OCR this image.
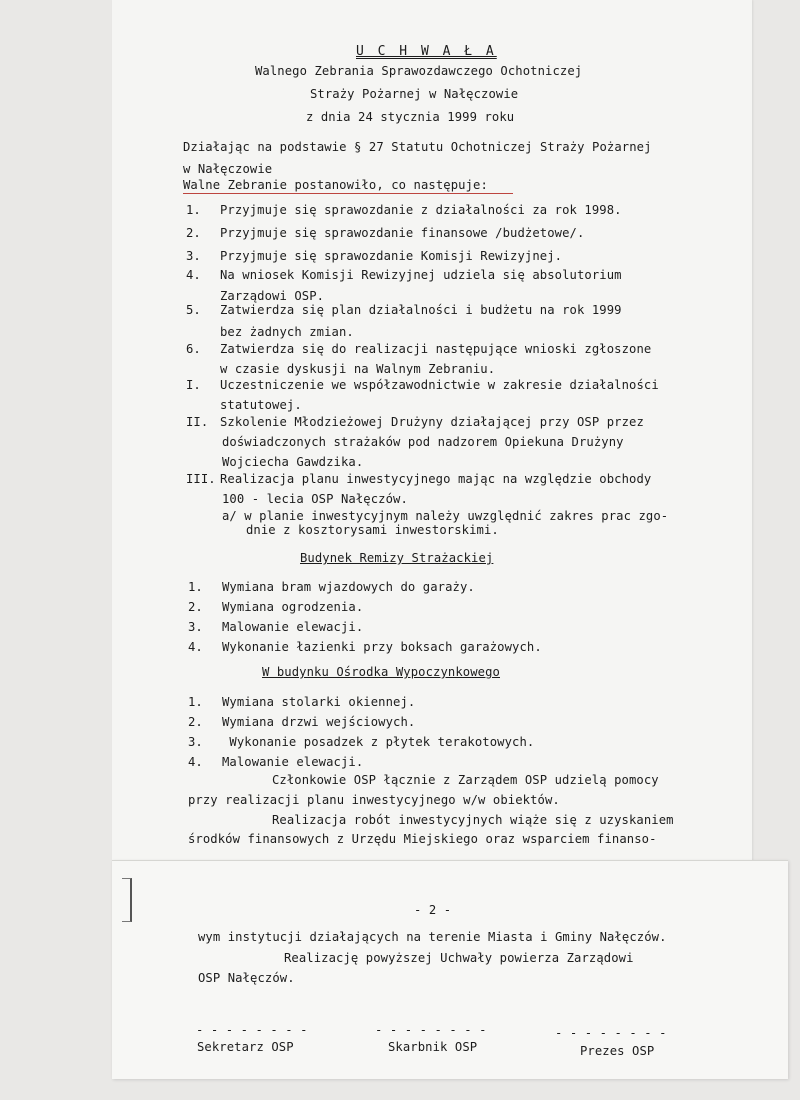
U C H W A Ł A
Walnego Zebrania Sprawozdawczego Ochotniczej
Straży Pożarnej w Nałęczowie
z dnia 24 stycznia 1999 roku
Działając na podstawie § 27 Statutu Ochotniczej Straży Pożarnej
w Nałęczowie
Walne Zebranie postanowiło, co następuje:
1. Przyjmuje się sprawozdanie z działalności za rok 1998.
2. Przyjmuje się sprawozdanie finansowe /budżetowe/.
3. Przyjmuje się sprawozdanie Komisji Rewizyjnej.
4. Na wniosek Komisji Rewizyjnej udziela się absolutorium
Zarządowi OSP.
5. Zatwierdza się plan działalności i budżetu na rok 1999
bez żadnych zmian.
6. Zatwierdza się do realizacji następujące wnioski zgłoszone
w czasie dyskusji na Walnym Zebraniu.
I. Uczestniczenie we współzawodnictwie w zakresie działalności
statutowej.
II. Szkolenie Młodzieżowej Drużyny działającej przy OSP przez
doświadczonych strażaków pod nadzorem Opiekuna Drużyny
Wojciecha Gawdzika.
III. Realizacja planu inwestycyjnego mając na względzie obchody
100 - lecia OSP Nałęczów.
a/ w planie inwestycyjnym należy uwzględnić zakres prac zgo-
dnie z kosztorysami inwestorskimi.
Budynek Remizy Strażackiej
1. Wymiana bram wjazdowych do garaży.
2. Wymiana ogrodzenia.
3. Malowanie elewacji.
4. Wykonanie łazienki przy boksach garażowych.
W budynku Ośrodka Wypoczynkowego
1. Wymiana stolarki okiennej.
2. Wymiana drzwi wejściowych.
3. Wykonanie posadzek z płytek terakotowych.
4. Malowanie elewacji.
Członkowie OSP łącznie z Zarządem OSP udzielą pomocy
przy realizacji planu inwestycyjnego w/w obiektów.
Realizacja robót inwestycyjnych wiąże się z uzyskaniem
środków finansowych z Urzędu Miejskiego oraz wsparciem finanso-
- 2 -
wym instytucji działających na terenie Miasta i Gminy Nałęczów.
Realizację powyższej Uchwały powierza Zarządowi
OSP Nałęczów.
- - - - - - - -	- - - - - - - -	- - - - - - - -
Sekretarz OSP	Skarbnik OSP	Prezes OSP
